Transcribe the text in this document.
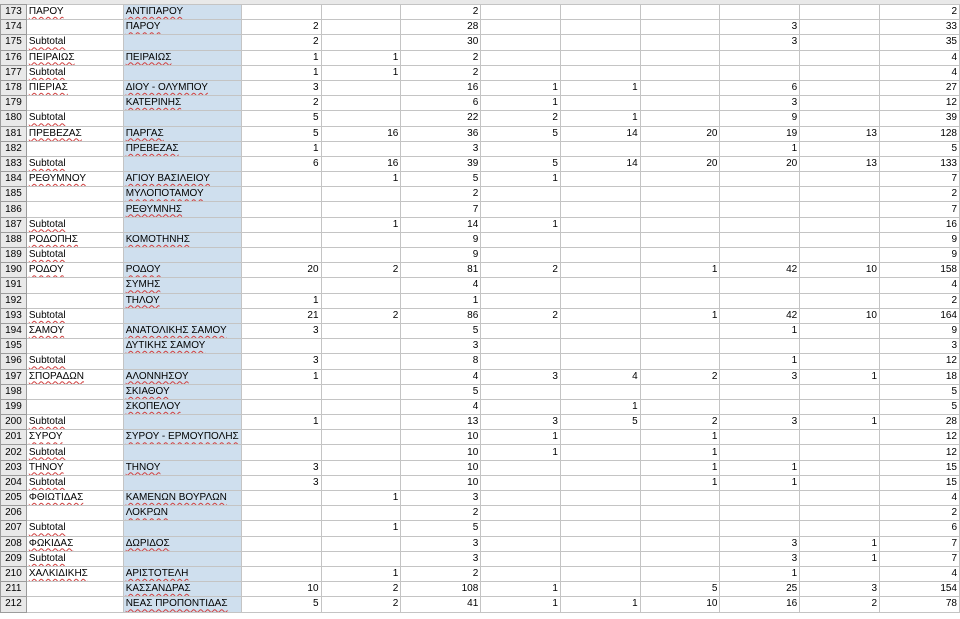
173	ΠΑΡΟΥ	ΑΝΤΙΠΑΡΟΥ			2						2
174		ΠΑΡΟΥ	2		28				3		33
175	Subtotal		2		30				3		35
176	ΠΕΙΡΑΙΩΣ	ΠΕΙΡΑΙΩΣ	1	1	2						4
177	Subtotal		1	1	2						4
178	ΠΙΕΡΙΑΣ	ΔΙΟΥ - ΟΛΥΜΠΟΥ	3		16	1	1		6		27
179		ΚΑΤΕΡΙΝΗΣ	2		6	1			3		12
180	Subtotal		5		22	2	1		9		39
181	ΠΡΕΒΕΖΑΣ	ΠΑΡΓΑΣ	5	16	36	5	14	20	19	13	128
182		ΠΡΕΒΕΖΑΣ	1		3				1		5
183	Subtotal		6	16	39	5	14	20	20	13	133
184	ΡΕΘΥΜΝΟΥ	ΑΓΙΟΥ ΒΑΣΙΛΕΙΟΥ		1	5	1					7
185		ΜΥΛΟΠΟΤΑΜΟΥ			2						2
186		ΡΕΘΥΜΝΗΣ			7						7
187	Subtotal			1	14	1					16
188	ΡΟΔΟΠΗΣ	ΚΟΜΟΤΗΝΗΣ			9						9
189	Subtotal				9						9
190	ΡΟΔΟΥ	ΡΟΔΟΥ	20	2	81	2		1	42	10	158
191		ΣΥΜΗΣ			4						4
192		ΤΗΛΟΥ	1		1						2
193	Subtotal		21	2	86	2		1	42	10	164
194	ΣΑΜΟΥ	ΑΝΑΤΟΛΙΚΗΣ ΣΑΜΟΥ	3		5				1		9
195		ΔΥΤΙΚΗΣ ΣΑΜΟΥ			3						3
196	Subtotal		3		8				1		12
197	ΣΠΟΡΑΔΩΝ	ΑΛΟΝΝΗΣΟΥ	1		4	3	4	2	3	1	18
198		ΣΚΙΑΘΟΥ			5						5
199		ΣΚΟΠΕΛΟΥ			4		1				5
200	Subtotal		1		13	3	5	2	3	1	28
201	ΣΥΡΟΥ	ΣΥΡΟΥ - ΕΡΜΟΥΠΟΛΗΣ			10	1		1			12
202	Subtotal				10	1		1			12
203	ΤΗΝΟΥ	ΤΗΝΟΥ	3		10			1	1		15
204	Subtotal		3		10			1	1		15
205	ΦΘΙΩΤΙΔΑΣ	ΚΑΜΕΝΩΝ ΒΟΥΡΛΩΝ		1	3						4
206		ΛΟΚΡΩΝ			2						2
207	Subtotal			1	5						6
208	ΦΩΚΙΔΑΣ	ΔΩΡΙΔΟΣ			3				3	1	7
209	Subtotal				3				3	1	7
210	ΧΑΛΚΙΔΙΚΗΣ	ΑΡΙΣΤΟΤΕΛΗ		1	2				1		4
211		ΚΑΣΣΑΝΔΡΑΣ	10	2	108	1		5	25	3	154
212		ΝΕΑΣ ΠΡΟΠΟΝΤΙΔΑΣ	5	2	41	1	1	10	16	2	78
